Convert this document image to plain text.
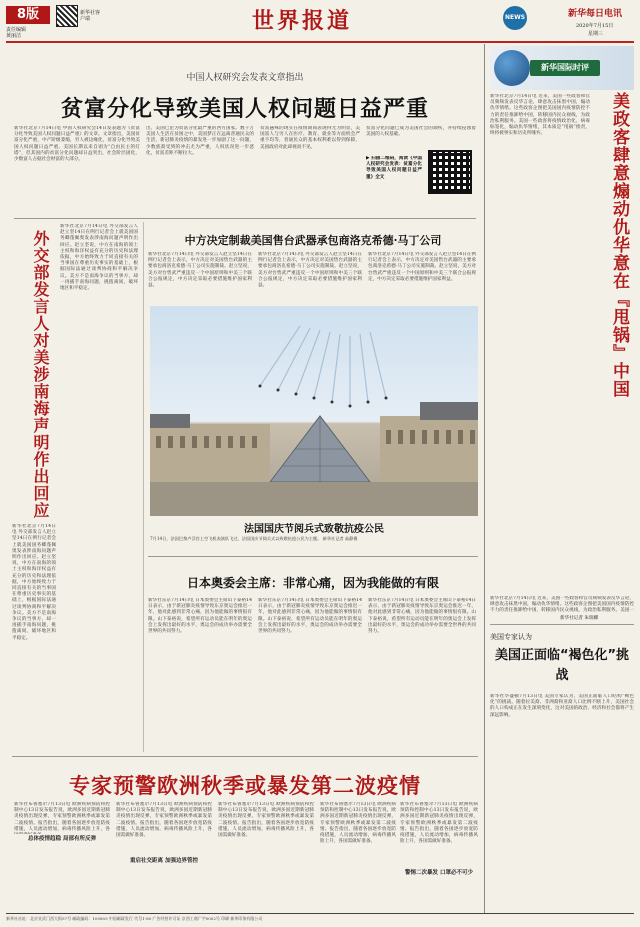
8版
责任编辑
黄丽洁
新华社客户端	世界报道	NEWS	新华每日电讯
2020年7月15日
星期三
中国人权研究会发表文章指出
贫富分化导致美国人权问题日益严重
新华社北京7月14日电 中国人权研究会14日发表题为《贫富分化导致美国人权问题日益严重》的文章。文章指出，美国贫富分化严重，中产阶级萎缩，穷人被边缘化，贫富分化导致美国人权问题日益严重。美国长期以来自诩为“自由民主的灯塔”，但其国内的贫富分化问题却日益突出，社会阶层固化，少数富人占据社会财富的大部分。
出，美国已沦为贫富分化最严重的西方国家。数千万美国人生活在贫困之中，美国梦正在远离普通民众的生活，新冠肺炎疫情的暴发进一步加剧了这一问题，少数族裔受到的冲击尤为严重，人权状况进一步恶化，贫富差距不断拉大。
贫富悬殊的现实在疫情期间表现得尤为明显，美国富人与穷人在医疗、教育、就业等方面机会严重不均等，普通民众的基本权利难以得到保障，美国政府对此却视而不见。
▶ 扫描二维码，阅读《中国人权研究会发表：贫富分化导致美国人权问题日益严重》全文
贫富分化问题已成为美国社会的顽疾，并持续侵蚀着美国的人权基础。
外交部发言人对美涉南海声明作出回应
新华社北京7月14日电 外交部发言人赵立坚14日在例行记者会上就美国国务卿蓬佩奥发表涉南海问题声明作出回应。赵立坚说，中方在南海的领土主权和海洋权益有充分的历史和法理依据，中方始终致力于同直接有关的当事国在尊重历史事实的基础上，根据国际法通过谈判协商和平解决争议。美方不是南海争议的当事方，却一再插手南海问题，挑拨离间，破坏地区和平稳定。
新华社北京7月14日电 外交部发言人赵立坚14日在例行记者会上就美国国务卿蓬佩奥发表涉南海问题声明作出回应。赵立坚说，中方在南海的领土主权和海洋权益有充分的历史和法理依据，中方始终致力于同直接有关的当事国在尊重历史事实的基础上，根据国际法通过谈判协商和平解决争议。美方不是南海争议的当事方，却一再插手南海问题，挑拨离间，破坏地区和平稳定。
中方决定制裁美国售台武器承包商洛克希德·马丁公司
新华社北京7月14日电 外交部发言人赵立坚14日在例行记者会上表示，中方决定对美国售台武器的主要承包商洛克希德·马丁公司实施制裁。赵立坚说，美方对台售武严重违反一个中国原则和中美三个联合公报规定，中方决定采取必要措施维护国家利益。
新华社北京7月14日电 外交部发言人赵立坚14日在例行记者会上表示，中方决定对美国售台武器的主要承包商洛克希德·马丁公司实施制裁。赵立坚说，美方对台售武严重违反一个中国原则和中美三个联合公报规定，中方决定采取必要措施维护国家利益。
新华社北京7月14日电 外交部发言人赵立坚14日在例行记者会上表示，中方决定对美国售台武器的主要承包商洛克希德·马丁公司实施制裁。赵立坚说，美方对台售武严重违反一个中国原则和中美三个联合公报规定，中方决定采取必要措施维护国家利益。
法国国庆节阅兵式致敬抗疫公民
7月14日，法国巴黎卢浮宫上空飞机表演队飞过，法国国庆节阅兵式以致敬抗疫公民为主题。 新华社记者 高静摄
日本奥委会主席：非常心痛，因为我能做的有限
新华社东京7月14日电 日本奥委会主席山下泰裕14日表示，由于新冠肺炎疫情导致东京奥运会推迟一年，他对此感到非常心痛，因为他能做的事情很有限。山下泰裕说，希望所有运动员能在明年的奥运会上发挥出最好的水平，奥运会的成功举办需要全世界的共同努力。
新华社东京7月14日电 日本奥委会主席山下泰裕14日表示，由于新冠肺炎疫情导致东京奥运会推迟一年，他对此感到非常心痛，因为他能做的事情很有限。山下泰裕说，希望所有运动员能在明年的奥运会上发挥出最好的水平，奥运会的成功举办需要全世界的共同努力。
新华社东京7月14日电 日本奥委会主席山下泰裕14日表示，由于新冠肺炎疫情导致东京奥运会推迟一年，他对此感到非常心痛，因为他能做的事情很有限。山下泰裕说，希望所有运动员能在明年的奥运会上发挥出最好的水平，奥运会的成功举办需要全世界的共同努力。
专家预警欧洲秋季或暴发第二波疫情
新华社布鲁塞尔7月13日电 欧洲疾病预防和控制中心13日发布报告说，欧洲多国近期新冠肺炎疫情出现反弹，专家预警欧洲秋季或暴发第二波疫情。报告指出，随着各国逐步放宽防疫措施，人员流动增加，病毒传播风险上升，各
总体疫情趋稳 局部有所反弹
新华社布鲁塞尔7月13日电 欧洲疾病预防和控制中心13日发布报告说，欧洲多国近期新冠肺炎疫情出现反弹，专家预警欧洲秋季或暴发第二波疫情。报告指出，随着各国逐步放宽防疫措施，人员流动增加，病毒传播风险上升，各国需做好准备。
重启社交距离 加强边界管控
新华社布鲁塞尔7月13日电 欧洲疾病预防和控制中心13日发布报告说，欧洲多国近期新冠肺炎疫情出现反弹，专家预警欧洲秋季或暴发第二波疫情。报告指出，随着各国逐步放宽防疫措施，人员流动增加，病毒传播风险上升，各国需做好准备。
新华社布鲁塞尔7月13日电 欧洲疾病预防和控制中心13日发布报告说，欧洲多国近期新冠肺炎疫情出现反弹，专家预警欧洲秋季或暴发第二波疫情。报告指出，随着各国逐步放宽防疫措施，人员流动增加，病毒传播风险上升，各国需做好准备。
新华社布鲁塞尔7月13日电 欧洲疾病预防和控制中心13日发布报告说，欧洲多国近期新冠肺炎疫情出现反弹，专家预警欧洲秋季或暴发第二波疫情。报告指出，随着各国逐步放宽防疫措施，人员流动增加，病毒传播风险上升，各国需做好准备。
警惕二次暴发 口罩必不可少
新华国际时评
新华社北京7月14日电 近来，美国一些政客和官员频频发表反华言论，肆意攻击抹黑中国，煽动仇华情绪。这些政客企图把美国国内疫情防控不力的责任推卸给中国，转移国内民众视线，为政治私利服务。美国一些政客将疫情政治化、病毒标签化，煽动仇华情绪，其本质是“甩锅”推责，终将被事实和历史所唾弃。	美政客肆意煽动仇华意在『甩锅』中国
新华社北京7月14日电 近来，美国一些政客和官员频频发表反华言论，肆意攻击抹黑中国，煽动仇华情绪。这些政客企图把美国国内疫情防控不力的责任推卸给中国，转移国内民众视线，为政治私利服务。美国一
新华社记者 朱瑞卿
美国专家认为
美国正面临“褐色化”挑战
新华社华盛顿7月13日电 美国专家认为，美国正面临人口结构“褐色化”的挑战。随着拉美裔、非洲裔和亚裔人口比例不断上升，美国社会的人口构成正在发生深刻变化，这对美国的政治、经济和社会都将产生深远影响。
新华社社址：北京宣武门西大街57号 邮政编码：100803 中国邮政发行 代号1-80 广告经营许可证 京西工商广字0002号 印刷 新华印务有限公司
